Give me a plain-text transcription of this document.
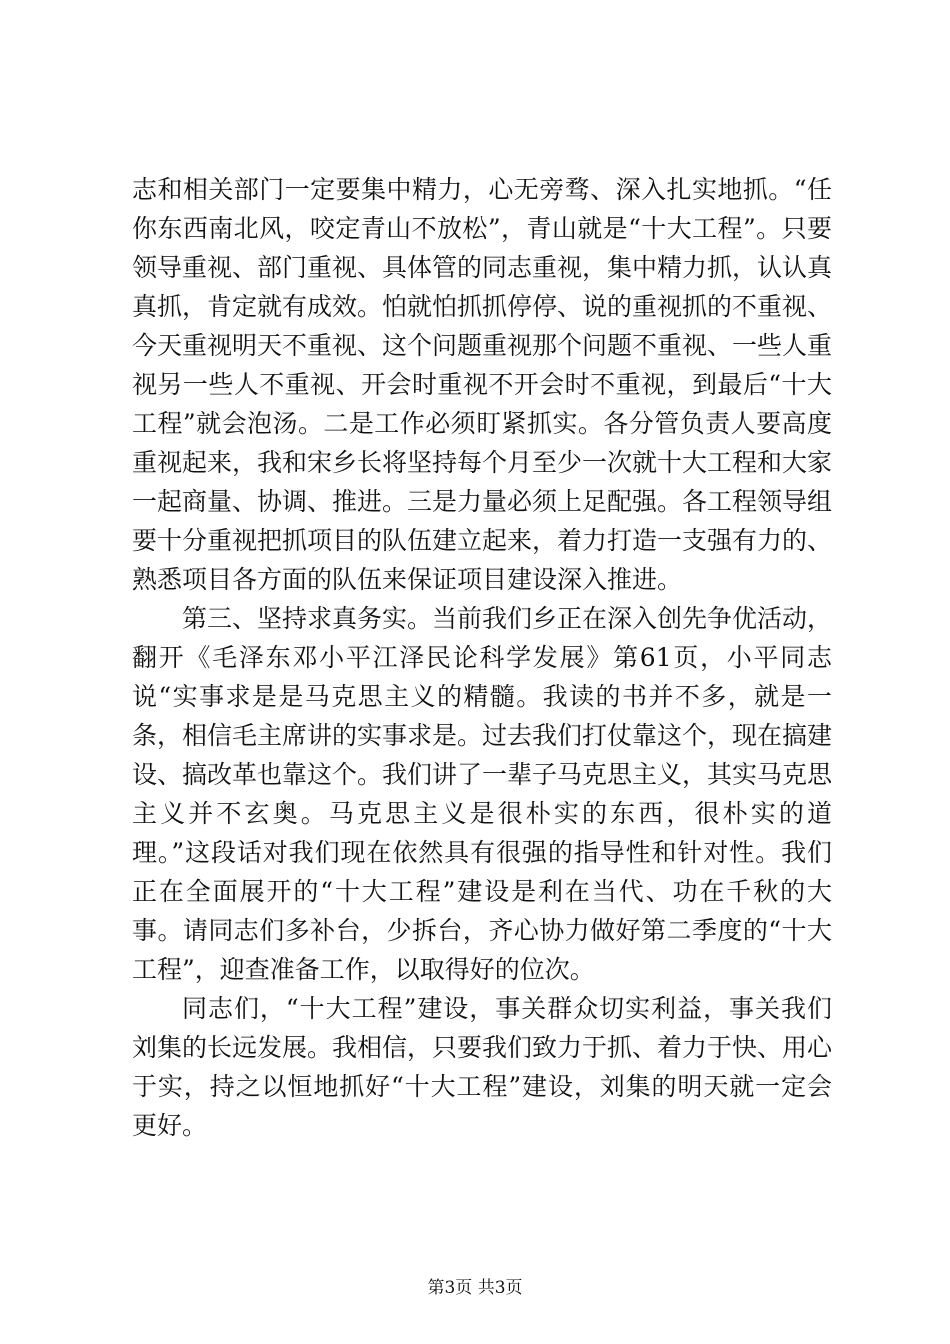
志和相关部门一定要集中精力，心无旁骛、深入扎实地抓。“任你东西南北风，咬定青山不放松”，青山就是“十大工程”。只要领导重视、部门重视、具体管的同志重视，集中精力抓，认认真真抓，肯定就有成效。怕就怕抓抓停停、说的重视抓的不重视、今天重视明天不重视、这个问题重视那个问题不重视、一些人重视另一些人不重视、开会时重视不开会时不重视，到最后“十大工程”就会泡汤。二是工作必须盯紧抓实。各分管负责人要高度重视起来，我和宋乡长将坚持每个月至少一次就十大工程和大家一起商量、协调、推进。三是力量必须上足配强。各工程领导组要十分重视把抓项目的队伍建立起来，着力打造一支强有力的、熟悉项目各方面的队伍来保证项目建设深入推进。

第三、坚持求真务实。当前我们乡正在深入创先争优活动，翻开《毛泽东邓小平江泽民论科学发展》第61页，小平同志说“实事求是是马克思主义的精髓。我读的书并不多，就是一条，相信毛主席讲的实事求是。过去我们打仗靠这个，现在搞建设、搞改革也靠这个。我们讲了一辈子马克思主义，其实马克思主义并不玄奥。马克思主义是很朴实的东西，很朴实的道理。”这段话对我们现在依然具有很强的指导性和针对性。我们正在全面展开的“十大工程”建设是利在当代、功在千秋的大事。请同志们多补台，少拆台，齐心协力做好第二季度的“十大工程”，迎查准备工作，以取得好的位次。

同志们，“十大工程”建设，事关群众切实利益，事关我们刘集的长远发展。我相信，只要我们致力于抓、着力于快、用心于实，持之以恒地抓好“十大工程”建设，刘集的明天就一定会更好。

第3页 共3页
